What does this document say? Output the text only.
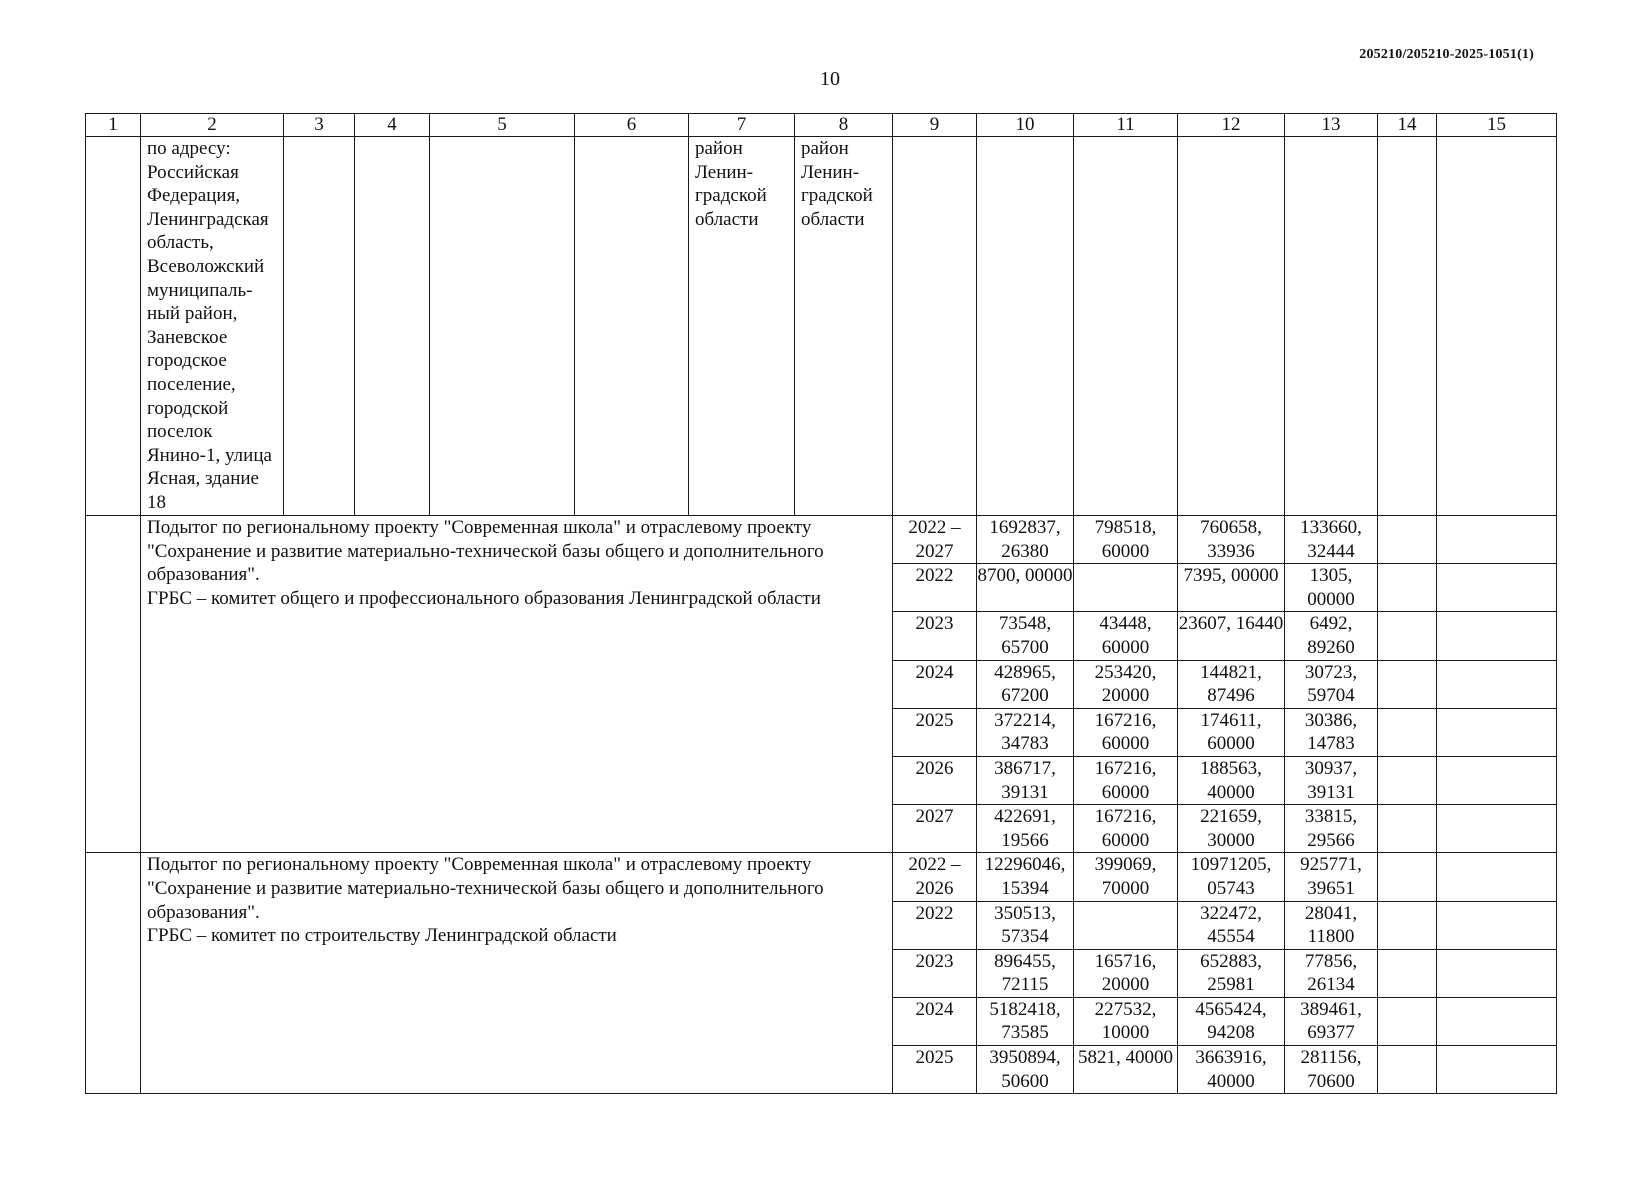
205210/205210-2025-1051(1)
10
1	2	3	4	5	6	7	8	9	10	11	12	13	14	15
	по адресу: Российская Федерация, Ленинградская область, Всеволожский муниципаль-ный район, Заневское городское поселение, городской поселок Янино-1, улица Ясная, здание 18					район Ленин-градской области	район Ленин-градской области							
	Подытог по региональному проекту "Современная школа" и отраслевому проекту "Сохранение и развитие материально-технической базы общего и дополнительного образования".
ГРБС – комитет общего и профессионального образования Ленинградской области							2022 – 2027	1692837, 26380	798518, 60000	760658, 33936	133660, 32444		
								2022	8700, 00000		7395, 00000	1305, 00000		
								2023	73548, 65700	43448, 60000	23607, 16440	6492, 89260		
								2024	428965, 67200	253420, 20000	144821, 87496	30723, 59704		
								2025	372214, 34783	167216, 60000	174611, 60000	30386, 14783		
								2026	386717, 39131	167216, 60000	188563, 40000	30937, 39131		
								2027	422691, 19566	167216, 60000	221659, 30000	33815, 29566		
	Подытог по региональному проекту "Современная школа" и отраслевому проекту "Сохранение и развитие материально-технической базы общего и дополнительного образования".
ГРБС – комитет по строительству Ленинградской области							2022 – 2026	12296046, 15394	399069, 70000	10971205, 05743	925771, 39651		
								2022	350513, 57354		322472, 45554	28041, 11800		
								2023	896455, 72115	165716, 20000	652883, 25981	77856, 26134		
								2024	5182418, 73585	227532, 10000	4565424, 94208	389461, 69377		
								2025	3950894, 50600	5821, 40000	3663916, 40000	281156, 70600		
